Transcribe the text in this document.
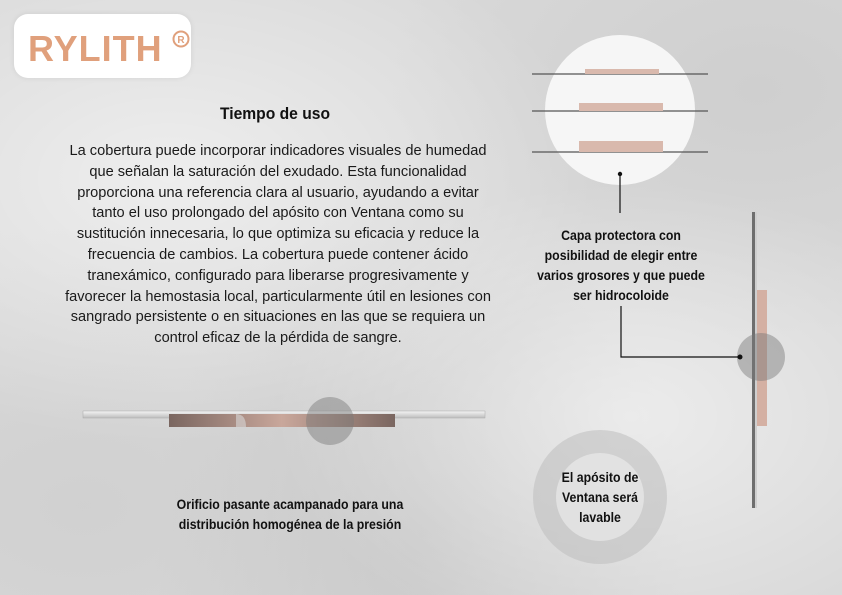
RYLITH R
Tiempo de uso
La cobertura puede incorporar indicadores visuales de humedad que señalan la saturación del exudado. Esta funcionalidad proporciona una referencia clara al usuario, ayudando a evitar tanto el uso prolongado del apósito con Ventana como su sustitución innecesaria, lo que optimiza su eficacia y reduce la frecuencia de cambios. La cobertura puede contener ácido tranexámico, configurado para liberarse progresivamente y favorecer la hemostasia local, particularmente útil en lesiones con sangrado persistente o en situaciones en las que se requiera un control eficaz de la pérdida de sangre.
Capa protectora con posibilidad de elegir entre varios grosores y que puede ser hidrocoloide
Orificio pasante acampanado para una distribución homogénea de la presión
El apósito de Ventana será lavable
